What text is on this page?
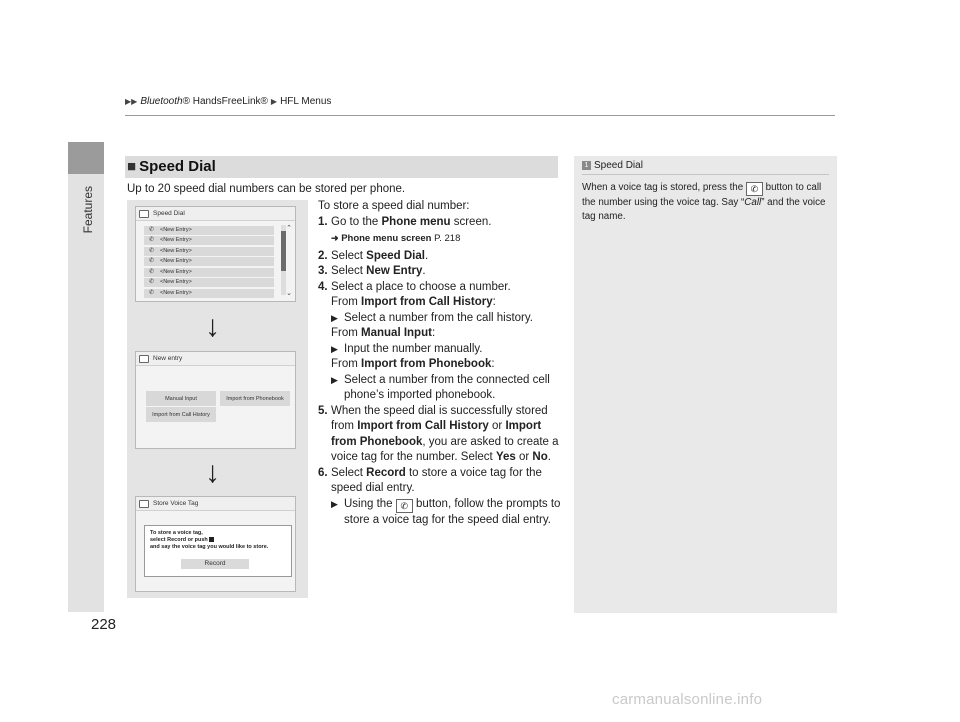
Features
▶▶ Bluetooth® HandsFreeLink® ▶ HFL Menus
■ Speed Dial
Up to 20 speed dial numbers can be stored per phone.
Speed Dial
✆ <New Entry>
✆ <New Entry>
✆ <New Entry>
✆ <New Entry>
✆ <New Entry>
✆ <New Entry>
✆ <New Entry>
⌃
⌄
↓
New entry
Manual Input	Import from Phonebook
Import from Call History
↓
Store Voice Tag
To store a voice tag,
select Record or push
and say the voice tag you would like to store.
Record
To store a speed dial number:
1. Go to the Phone menu screen.
➜ Phone menu screen P. 218
2. Select Speed Dial.
3. Select New Entry.
4. Select a place to choose a number.
From Import from Call History:
▶ Select a number from the call history.
From Manual Input:
▶ Input the number manually.
From Import from Phonebook:
▶ Select a number from the connected cell phone’s imported phonebook.
5. When the speed dial is successfully stored from Import from Call History or Import from Phonebook, you are asked to create a voice tag for the number. Select Yes or No.
6. Select Record to store a voice tag for the speed dial entry.
▶ Using the ✆ button, follow the prompts to store a voice tag for the speed dial entry.
1 Speed Dial
When a voice tag is stored, press the ✆ button to call the number using the voice tag. Say “Call” and the voice tag name.
228
carmanualsonline.info
